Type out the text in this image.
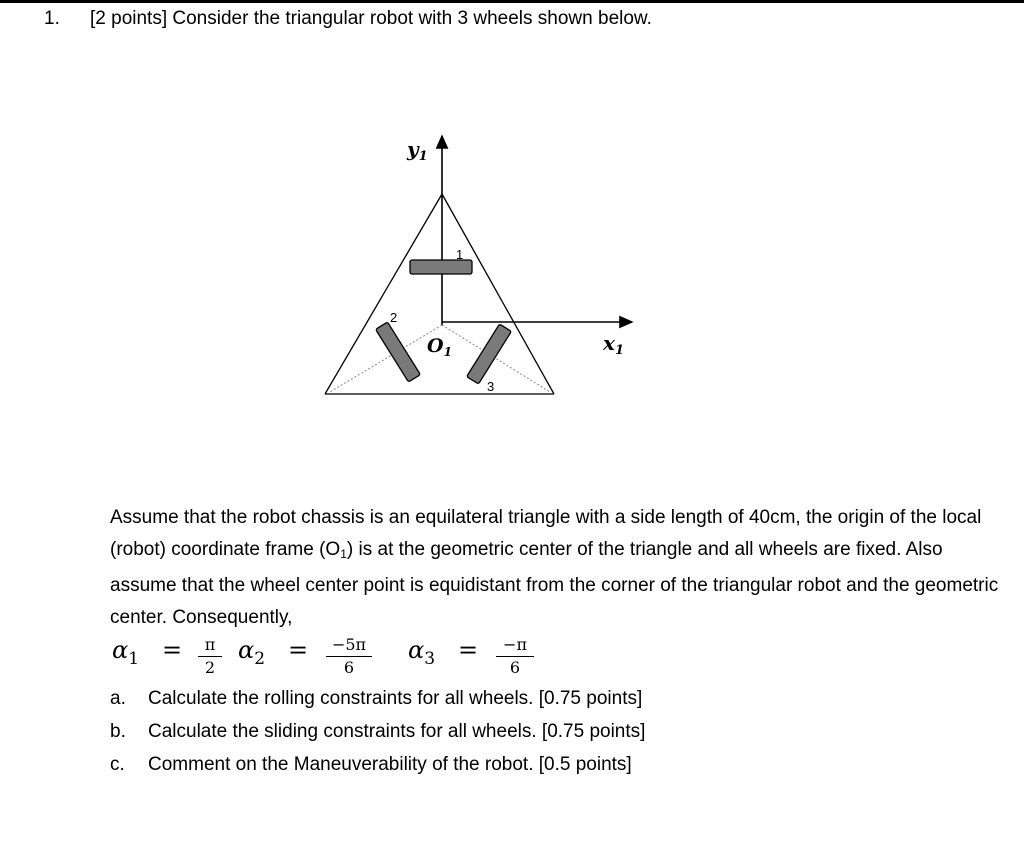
1. [2 points] Consider the triangular robot with 3 wheels shown below.
$y_1$
$x_1$
$O_1$
1
2
3
Assume that the robot chassis is an equilateral triangle with a side length of 40cm, the origin of the local (robot) coordinate frame $(O_1)$ is at the geometric center of the triangle and all wheels are fixed. Also assume that the wheel center point is equidistant from the corner of the triangular robot and the geometric center. Consequently,
$\alpha_1$ =	π
2
$\alpha_2$ =	−5π
6
$\alpha_3$ =	−π
6
a. Calculate the rolling constraints for all wheels. [0.75 points]
b. Calculate the sliding constraints for all wheels. [0.75 points]
c. Comment on the Maneuverability of the robot. [0.5 points]
